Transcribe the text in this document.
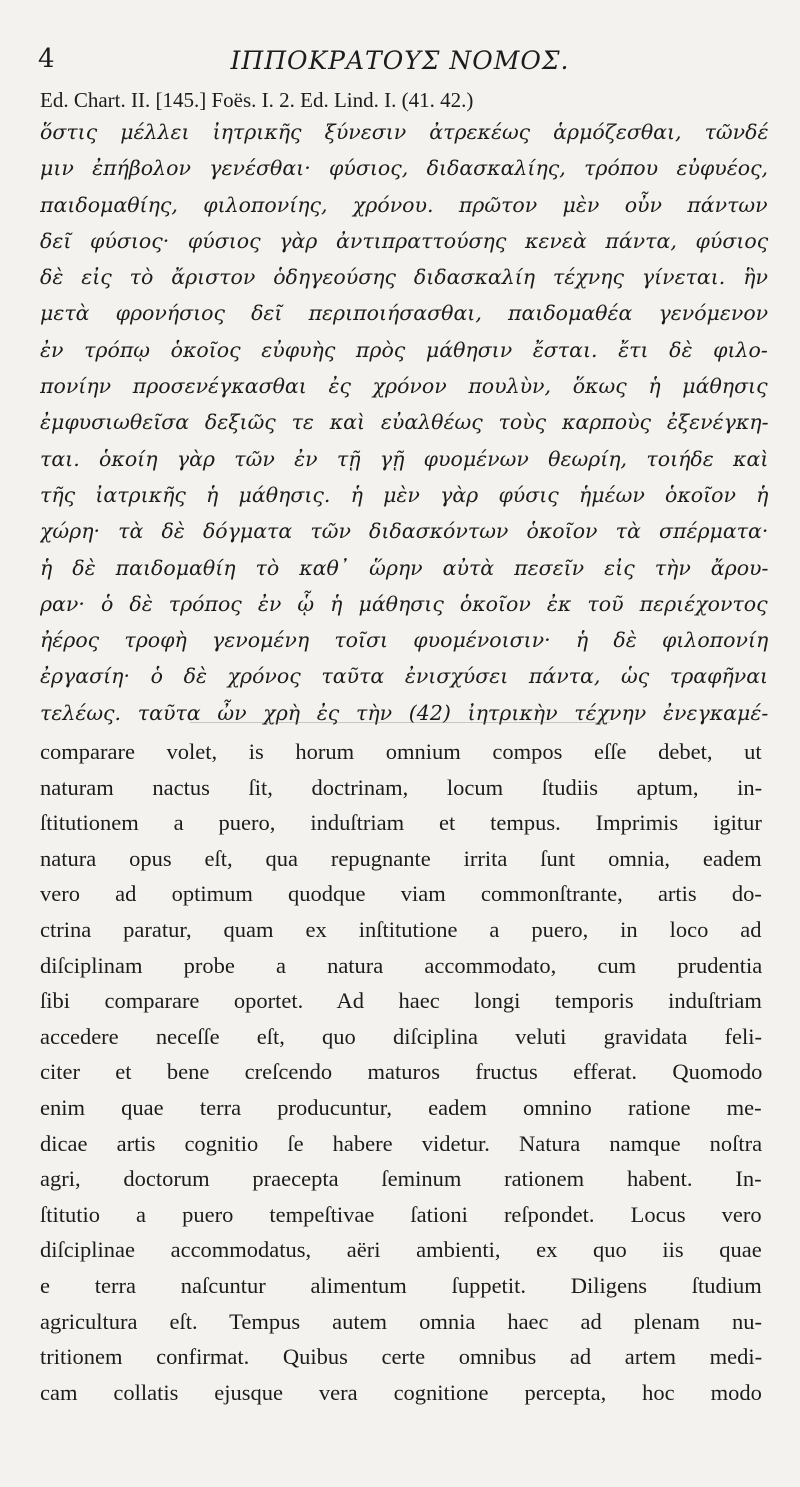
4	ΙΠΠΟΚΡΑΤΟΥΣ ΝΟΜΟΣ.
Ed. Chart. II. [145.] Foës. I. 2. Ed. Lind. I. (41. 42.)
ὅστις μέλλει ἰητρικῆς ξύνεσιν ἀτρεκέως ἁρμόζεσθαι, τῶνδέ
μιν ἐπήβολον γενέσθαι· φύσιος, διδασκαλίης, τρόπου εὐφυέος,
παιδομαθίης, φιλοπονίης, χρόνου. πρῶτον μὲν οὖν πάντων
δεῖ φύσιος· φύσιος γὰρ ἀντιπραττούσης κενεὰ πάντα, φύσιος
δὲ εἰς τὸ ἄριστον ὁδηγεούσης διδασκαλίη τέχνης γίνεται. ἣν
μετὰ φρονήσιος δεῖ περιποιήσασθαι, παιδομαθέα γενόμενον
ἐν τρόπῳ ὁκοῖος εὐφυὴς πρὸς μάθησιν ἔσται. ἔτι δὲ φιλο-
πονίην προσενέγκασθαι ἐς χρόνον πουλὺν, ὅκως ἡ μάθησις
ἐμφυσιωθεῖσα δεξιῶς τε καὶ εὐαλθέως τοὺς καρποὺς ἐξενέγκη-
ται. ὁκοίη γὰρ τῶν ἐν τῇ γῇ φυομένων θεωρίη, τοιήδε καὶ
τῆς ἰατρικῆς ἡ μάθησις. ἡ μὲν γὰρ φύσις ἡμέων ὁκοῖον ἡ
χώρη· τὰ δὲ δόγματα τῶν διδασκόντων ὁκοῖον τὰ σπέρματα·
ἡ δὲ παιδομαθίη τὸ καθ᾽ ὥρην αὐτὰ πεσεῖν εἰς τὴν ἄρου-
ραν· ὁ δὲ τρόπος ἐν ᾧ ἡ μάθησις ὁκοῖον ἐκ τοῦ περιέχοντος
ἠέρος τροφὴ γενομένη τοῖσι φυομένοισιν· ἡ δὲ φιλοπονίη
ἐργασίη· ὁ δὲ χρόνος ταῦτα ἐνισχύσει πάντα, ὡς τραφῆναι
τελέως. ταῦτα ὦν χρὴ ἐς τὴν (42) ἰητρικὴν τέχνην ἐνεγκαμέ-
comparare volet, is horum omnium compos eſſe debet, ut
naturam nactus ſit, doctrinam, locum ſtudiis aptum, in-
ſtitutionem a puero, induſtriam et tempus. Imprimis igitur
natura opus eſt, qua repugnante irrita ſunt omnia, eadem
vero ad optimum quodque viam commonſtrante, artis do-
ctrina paratur, quam ex inſtitutione a puero, in loco ad
diſciplinam probe a natura accommodato, cum prudentia
ſibi comparare oportet. Ad haec longi temporis induſtriam
accedere neceſſe eſt, quo diſciplina veluti gravidata feli-
citer et bene creſcendo maturos fructus efferat. Quomodo
enim quae terra producuntur, eadem omnino ratione me-
dicae artis cognitio ſe habere videtur. Natura namque noſtra
agri, doctorum praecepta ſeminum rationem habent. In-
ſtitutio a puero tempeſtivae ſationi reſpondet. Locus vero
diſciplinae accommodatus, aëri ambienti, ex quo iis quae
e terra naſcuntur alimentum ſuppetit. Diligens ſtudium
agricultura eſt. Tempus autem omnia haec ad plenam nu-
tritionem confirmat. Quibus certe omnibus ad artem medi-
cam collatis ejusque vera cognitione percepta, hoc modo
